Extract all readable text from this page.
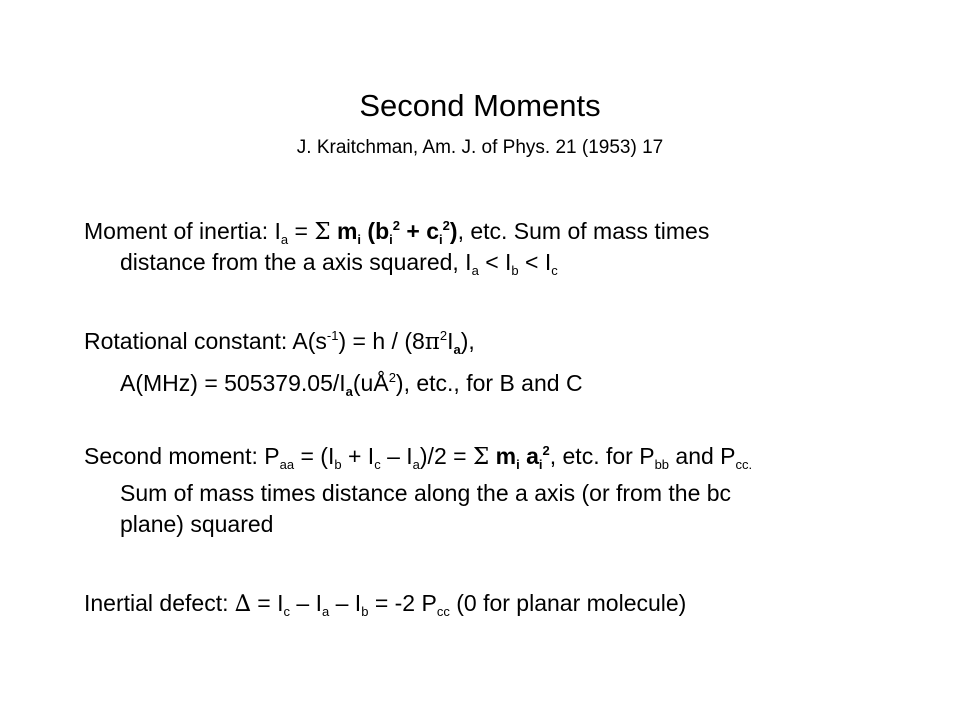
Second Moments
J. Kraitchman, Am. J. of Phys. 21 (1953) 17
Moment of inertia: $I_a = \Sigma$ $m_i$ $(b_i^2 + c_i^2)$, etc. Sum of mass times
distance from the a axis squared, $I_a < I_b < I_c$
Rotational constant: $A(s^{-1}) = h / (8\pi^2I_a)$,
$A(MHz) = 505379.05/I_a(uÅ^2)$, etc., for B and C
Second moment: $P_{aa} = (I_b + I_c - I_a)/2 = \Sigma$ $m_i$ $a_i^2$, etc. for $P_{bb}$ and $P_{cc.}$
Sum of mass times distance along the a axis (or from the bc
plane) squared
Inertial defect: ∆ = $I_c - I_a - I_b = -2$ $P_{cc}$ (0 for planar molecule)
